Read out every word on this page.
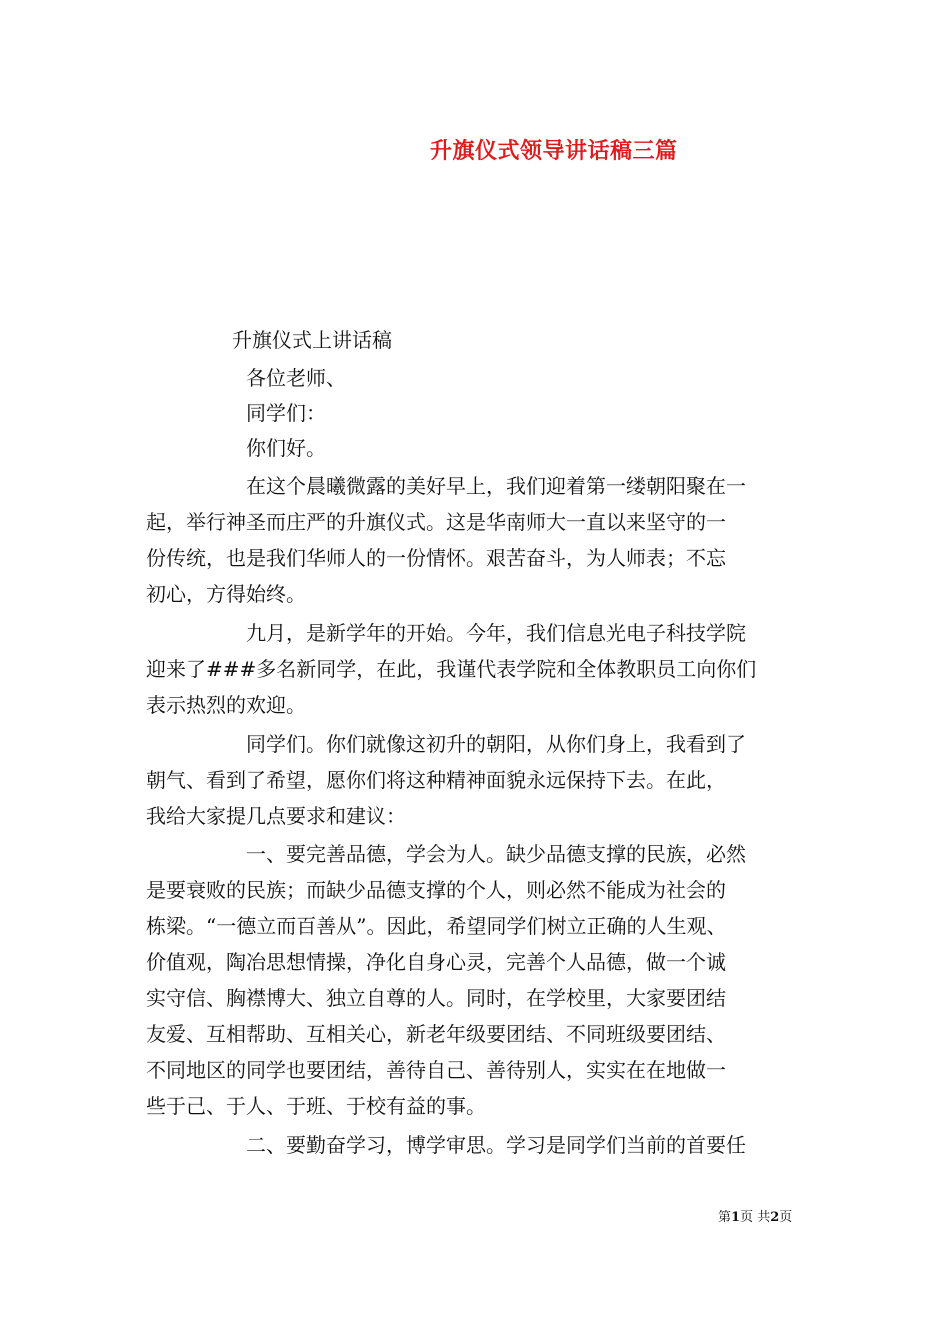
升旗仪式领导讲话稿三篇
升旗仪式上讲话稿
各位老师、
同学们：
你们好。
在这个晨曦微露的美好早上，我们迎着第一缕朝阳聚在一
起，举行神圣而庄严的升旗仪式。这是华南师大一直以来坚守的一
份传统，也是我们华师人的一份情怀。艰苦奋斗，为人师表；不忘
初心，方得始终。
九月，是新学年的开始。今年，我们信息光电子科技学院
迎来了###多名新同学，在此，我谨代表学院和全体教职员工向你们
表示热烈的欢迎。
同学们。你们就像这初升的朝阳，从你们身上，我看到了
朝气、看到了希望，愿你们将这种精神面貌永远保持下去。在此，
我给大家提几点要求和建议：
一、要完善品德，学会为人。缺少品德支撑的民族，必然
是要衰败的民族；而缺少品德支撑的个人，则必然不能成为社会的
栋梁。“一德立而百善从”。因此，希望同学们树立正确的人生观、
价值观，陶冶思想情操，净化自身心灵，完善个人品德，做一个诚
实守信、胸襟博大、独立自尊的人。同时，在学校里，大家要团结
友爱、互相帮助、互相关心，新老年级要团结、不同班级要团结、
不同地区的同学也要团结，善待自己、善待别人，实实在在地做一
些于己、于人、于班、于校有益的事。
二、要勤奋学习，博学审思。学习是同学们当前的首要任
第1页 共2页
